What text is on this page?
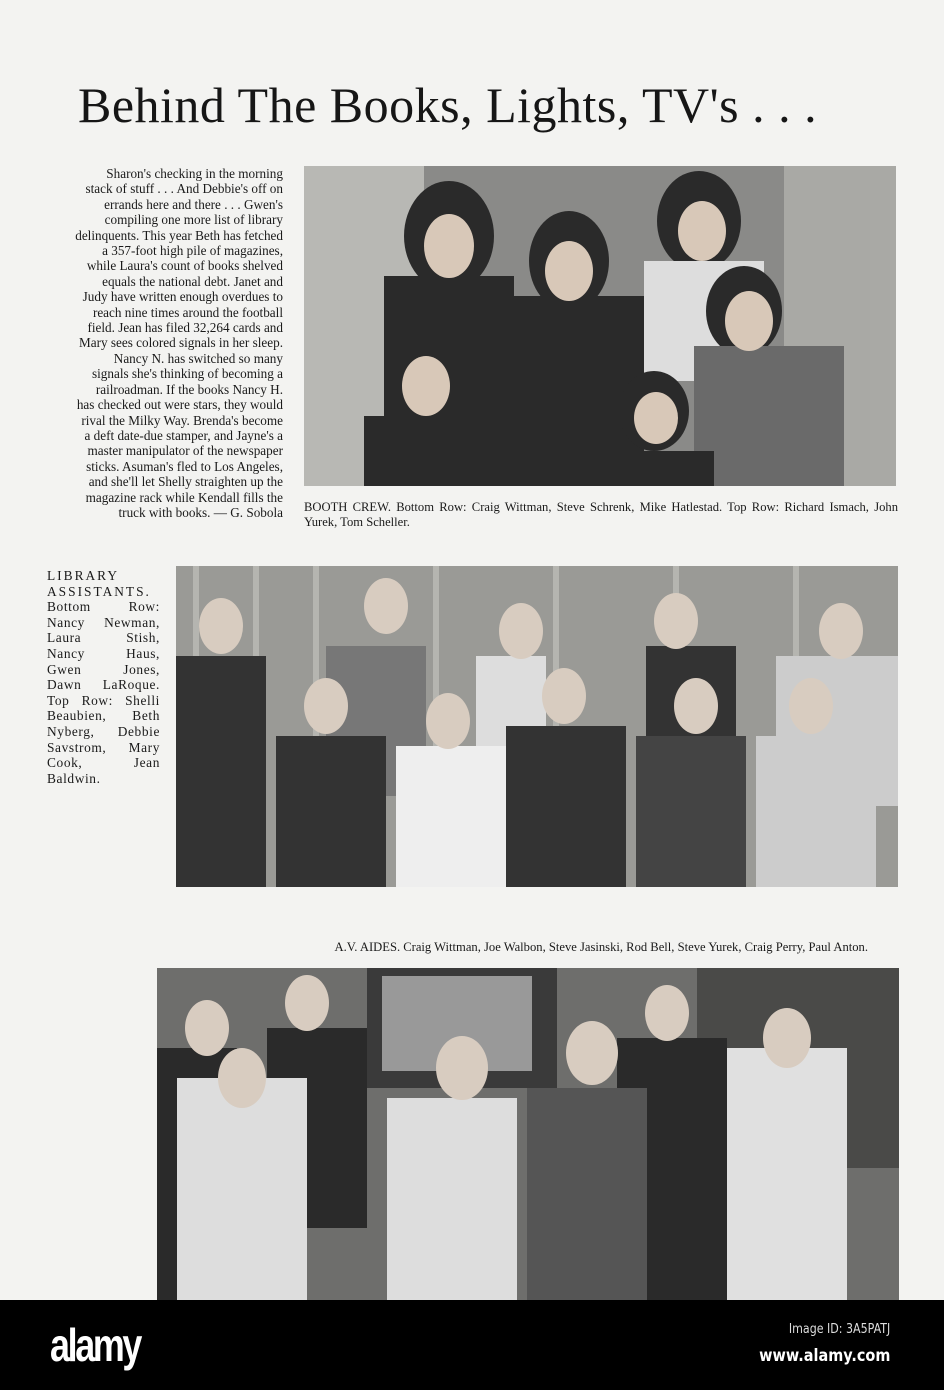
Behind The Books, Lights, TV's . . .
Sharon's checking in the morning
stack of stuff . . . And Debbie's off on
errands here and there . . . Gwen's
compiling one more list of library
delinquents. This year Beth has fetched
a 357-foot high pile of magazines,
while Laura's count of books shelved
equals the national debt. Janet and
Judy have written enough overdues to
reach nine times around the football
field. Jean has filed 32,264 cards and
Mary sees colored signals in her sleep.
Nancy N. has switched so many
signals she's thinking of becoming a
railroadman. If the books Nancy H.
has checked out were stars, they would
rival the Milky Way. Brenda's become
a deft date-due stamper, and Jayne's a
master manipulator of the newspaper
sticks. Asuman's fled to Los Angeles,
and she'll let Shelly straighten up the
magazine rack while Kendall fills the
truck with books. — G. Sobola BOOTH CREW. Bottom Row: Craig Wittman, Steve Schrenk, Mike Hatlestad. Top Row: Richard Ismach, John Yurek, Tom Scheller.
LIBRARY ASSISTANTS. Bottom Row: Nancy Newman, Laura Stish, Nancy Haus, Gwen Jones, Dawn LaRoque. Top Row: Shelli Beaubien, Beth Nyberg, Debbie Savstrom, Mary Cook, Jean Baldwin.
A.V. AIDES. Craig Wittman, Joe Walbon, Steve Jasinski, Rod Bell, Steve Yurek, Craig Perry, Paul Anton.
alamy	Image ID: 3A5PATJ
www.alamy.com
